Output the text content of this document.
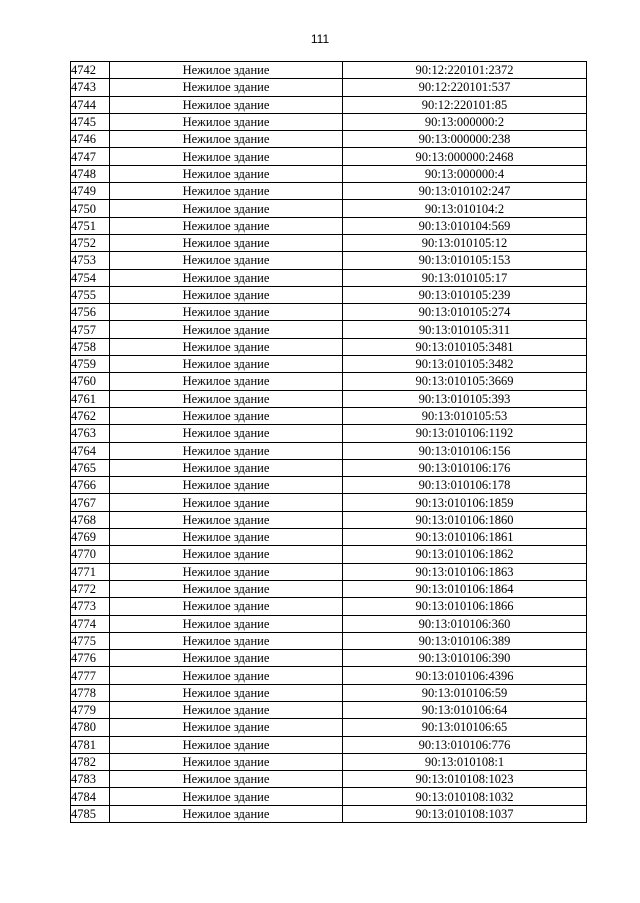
111
4742	Нежилое здание	90:12:220101:2372
4743	Нежилое здание	90:12:220101:537
4744	Нежилое здание	90:12:220101:85
4745	Нежилое здание	90:13:000000:2
4746	Нежилое здание	90:13:000000:238
4747	Нежилое здание	90:13:000000:2468
4748	Нежилое здание	90:13:000000:4
4749	Нежилое здание	90:13:010102:247
4750	Нежилое здание	90:13:010104:2
4751	Нежилое здание	90:13:010104:569
4752	Нежилое здание	90:13:010105:12
4753	Нежилое здание	90:13:010105:153
4754	Нежилое здание	90:13:010105:17
4755	Нежилое здание	90:13:010105:239
4756	Нежилое здание	90:13:010105:274
4757	Нежилое здание	90:13:010105:311
4758	Нежилое здание	90:13:010105:3481
4759	Нежилое здание	90:13:010105:3482
4760	Нежилое здание	90:13:010105:3669
4761	Нежилое здание	90:13:010105:393
4762	Нежилое здание	90:13:010105:53
4763	Нежилое здание	90:13:010106:1192
4764	Нежилое здание	90:13:010106:156
4765	Нежилое здание	90:13:010106:176
4766	Нежилое здание	90:13:010106:178
4767	Нежилое здание	90:13:010106:1859
4768	Нежилое здание	90:13:010106:1860
4769	Нежилое здание	90:13:010106:1861
4770	Нежилое здание	90:13:010106:1862
4771	Нежилое здание	90:13:010106:1863
4772	Нежилое здание	90:13:010106:1864
4773	Нежилое здание	90:13:010106:1866
4774	Нежилое здание	90:13:010106:360
4775	Нежилое здание	90:13:010106:389
4776	Нежилое здание	90:13:010106:390
4777	Нежилое здание	90:13:010106:4396
4778	Нежилое здание	90:13:010106:59
4779	Нежилое здание	90:13:010106:64
4780	Нежилое здание	90:13:010106:65
4781	Нежилое здание	90:13:010106:776
4782	Нежилое здание	90:13:010108:1
4783	Нежилое здание	90:13:010108:1023
4784	Нежилое здание	90:13:010108:1032
4785	Нежилое здание	90:13:010108:1037
